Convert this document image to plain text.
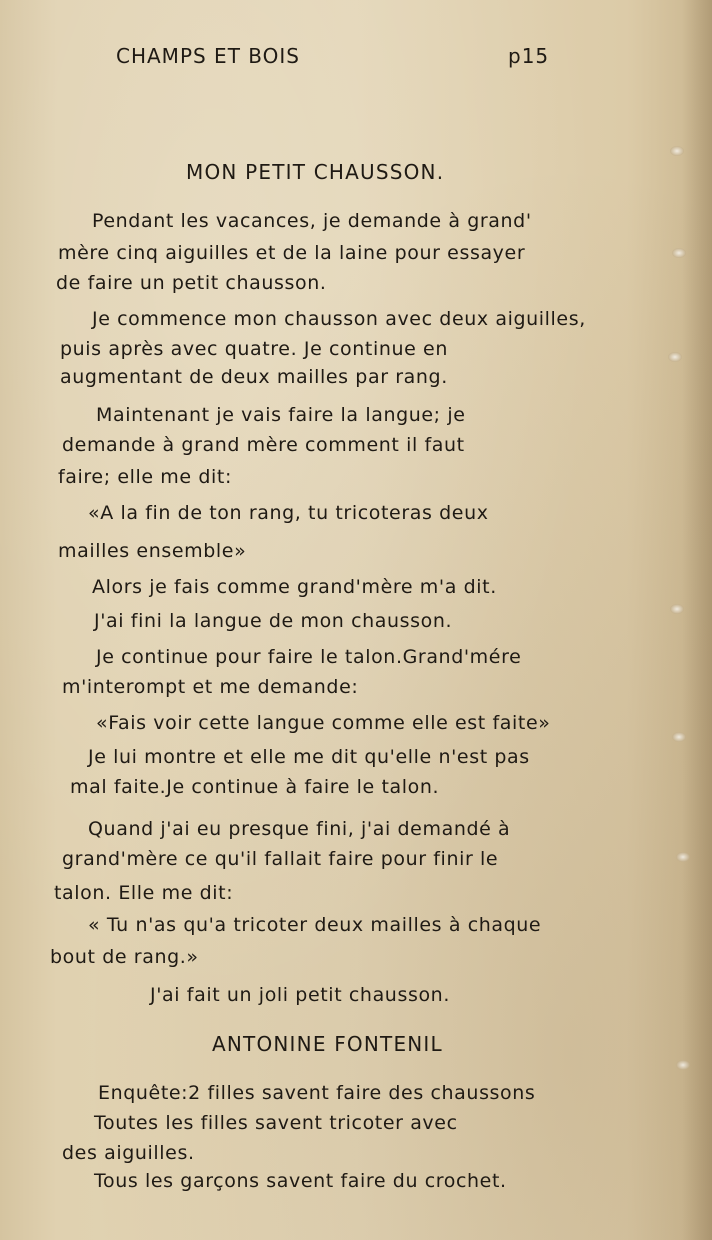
CHAMPS ET BOIS	p15
MON PETIT CHAUSSON.
Pendant les vacances, je demande à grand'
mère cinq aiguilles et de la laine pour essayer
de faire un petit chausson.
Je commence mon chausson avec deux aiguilles,
puis après avec quatre. Je continue en
augmentant de deux mailles par rang.
Maintenant je vais faire la langue; je
demande à grand mère comment il faut
faire; elle me dit:
«A la fin de ton rang, tu tricoteras deux
mailles ensemble»
Alors je fais comme grand'mère m'a dit.
J'ai fini la langue de mon chausson.
Je continue pour faire le talon.Grand'mére
m'interompt et me demande:
«Fais voir cette langue comme elle est faite»
Je lui montre et elle me dit qu'elle n'est pas
mal faite.Je continue à faire le talon.
Quand j'ai eu presque fini, j'ai demandé à
grand'mère ce qu'il fallait faire pour finir le
talon. Elle me dit:
« Tu n'as qu'a tricoter deux mailles à chaque
bout de rang.»
J'ai fait un joli petit chausson.
ANTONINE FONTENIL
Enquête:2 filles savent faire des chaussons
Toutes les filles savent tricoter avec
des aiguilles.
Tous les garçons savent faire du crochet.
